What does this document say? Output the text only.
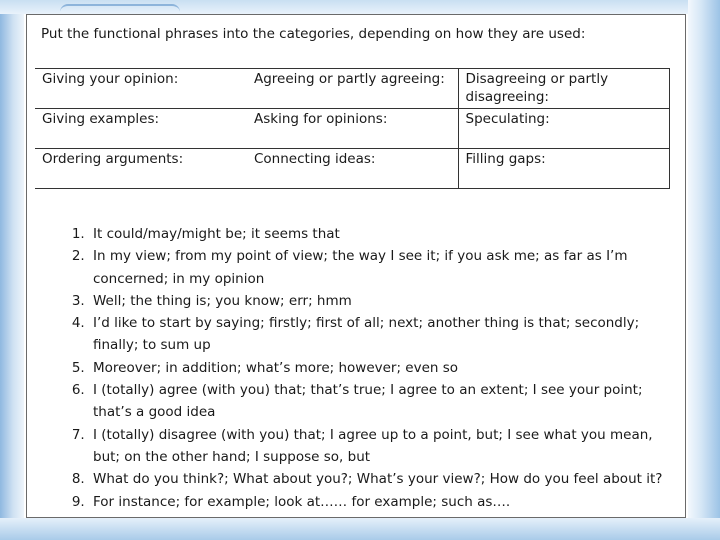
Put the functional phrases into the categories, depending on how they are used:
Giving your opinion:	Agreeing or partly agreeing:	Disagreeing or partly disagreeing:
Giving examples:	Asking for opinions:	Speculating:
Ordering arguments:	Connecting ideas:	Filling gaps:
1. It could/may/might be; it seems that
2. In my view; from my point of view; the way I see it; if you ask me; as far as I’m concerned; in my opinion
3. Well; the thing is; you know; err; hmm
4. I’d like to start by saying; firstly; first of all; next; another thing is that; secondly; finally; to sum up
5. Moreover; in addition; what’s more; however; even so
6. I (totally) agree (with you) that; that’s true; I agree to an extent; I see your point; that’s a good idea
7. I (totally) disagree (with you) that; I agree up to a point, but; I see what you mean, but; on the other hand; I suppose so, but
8. What do you think?; What about you?; What’s your view?; How do you feel about it?
9. For instance; for example; look at…… for example; such as….
